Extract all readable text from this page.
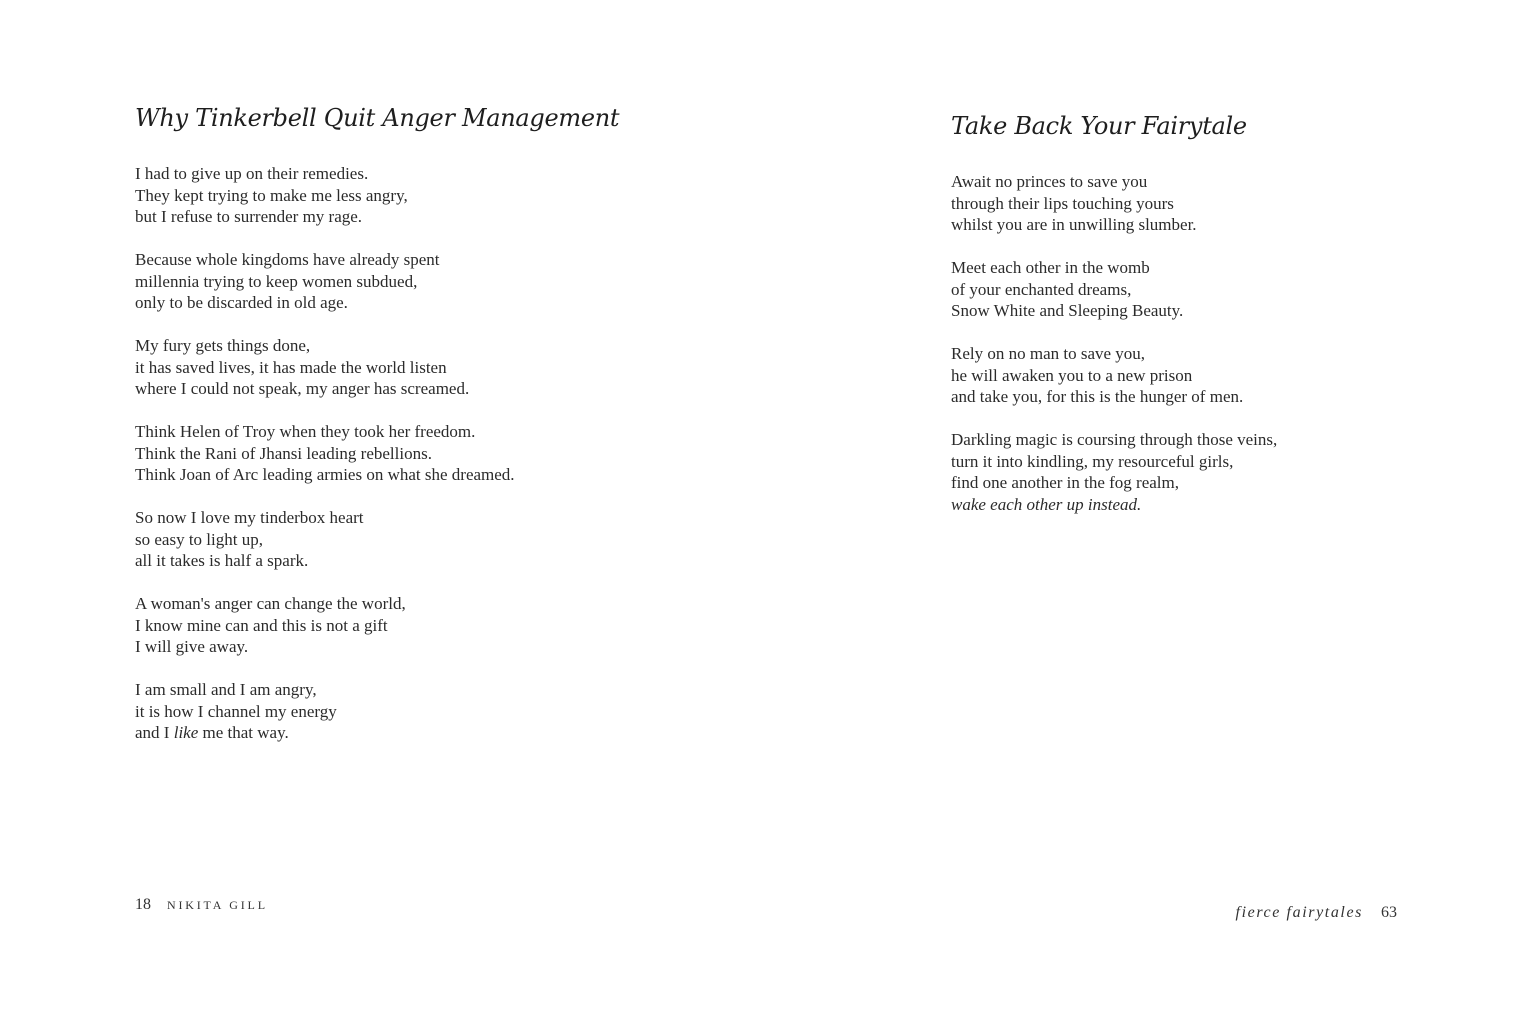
Why Tinkerbell Quit Anger Management
I had to give up on their remedies.
They kept trying to make me less angry,
but I refuse to surrender my rage.
Because whole kingdoms have already spent
millennia trying to keep women subdued,
only to be discarded in old age.
My fury gets things done,
it has saved lives, it has made the world listen
where I could not speak, my anger has screamed.
Think Helen of Troy when they took her freedom.
Think the Rani of Jhansi leading rebellions.
Think Joan of Arc leading armies on what she dreamed.
So now I love my tinderbox heart
so easy to light up,
all it takes is half a spark.
A woman's anger can change the world,
I know mine can and this is not a gift
I will give away.
I am small and I am angry,
it is how I channel my energy
and I like me that way.
18 NIKITA GILL
Take Back Your Fairytale
Await no princes to save you
through their lips touching yours
whilst you are in unwilling slumber.
Meet each other in the womb
of your enchanted dreams,
Snow White and Sleeping Beauty.
Rely on no man to save you,
he will awaken you to a new prison
and take you, for this is the hunger of men.
Darkling magic is coursing through those veins,
turn it into kindling, my resourceful girls,
find one another in the fog realm,
wake each other up instead.
fierce fairytales 63
